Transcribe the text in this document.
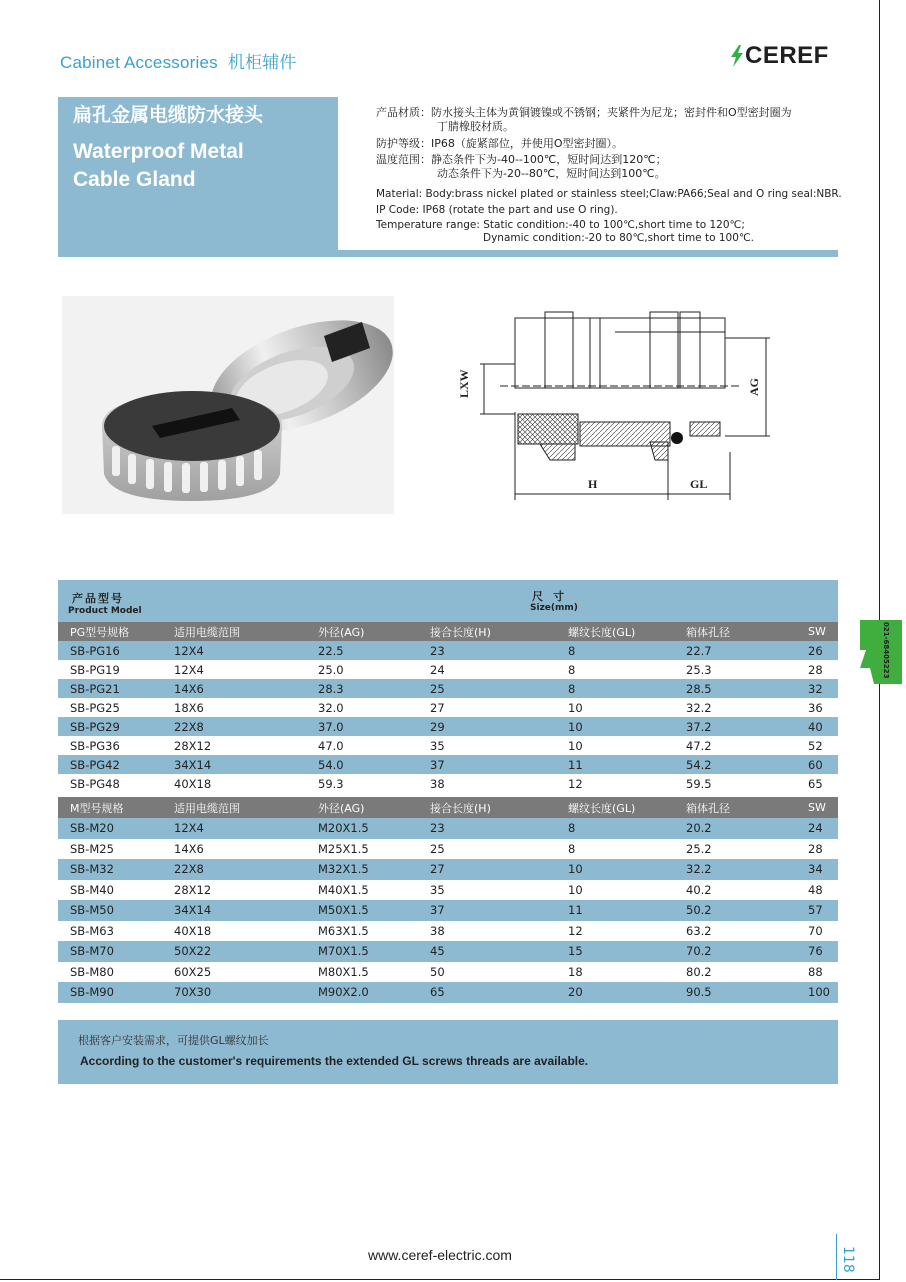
Cabinet Accessories 机柜辅件	CEREF
扁孔金属电缆防水接头
Waterproof Metal
Cable Gland
产品材质：防水接头主体为黄铜镀镍或不锈钢；夹紧件为尼龙；密封件和O型密封圈为
丁腈橡胶材质。
防护等级：IP68（旋紧部位，并使用O型密封圈）。
温度范围：静态条件下为-40--100℃，短时间达到120℃；
动态条件下为-20--80℃，短时间达到100℃。
Material: Body:brass nickel plated or stainless steel;Claw:PA66;Seal and O ring seal:NBR.
IP Code: IP68 (rotate the part and use O ring).
Temperature range: Static condition:-40 to 100℃,short time to 120℃;
Dynamic condition:-20 to 80℃,short time to 100℃.
LXW	AG
H	GL
产品型号
Product Model
尺寸
Size(mm)
PG型号规格	适用电缆范围	外径(AG)	接合长度(H)	螺纹长度(GL)	箱体孔径	SW
SB-PG16	12X4	22.5	23	8	22.7	26
SB-PG19	12X4	25.0	24	8	25.3	28
SB-PG21	14X6	28.3	25	8	28.5	32
SB-PG25	18X6	32.0	27	10	32.2	36
SB-PG29	22X8	37.0	29	10	37.2	40
SB-PG36	28X12	47.0	35	10	47.2	52
SB-PG42	34X14	54.0	37	11	54.2	60
SB-PG48	40X18	59.3	38	12	59.5	65
M型号规格	适用电缆范围	外径(AG)	接合长度(H)	螺纹长度(GL)	箱体孔径	SW
SB-M20	12X4	M20X1.5	23	8	20.2	24
SB-M25	14X6	M25X1.5	25	8	25.2	28
SB-M32	22X8	M32X1.5	27	10	32.2	34
SB-M40	28X12	M40X1.5	35	10	40.2	48
SB-M50	34X14	M50X1.5	37	11	50.2	57
SB-M63	40X18	M63X1.5	38	12	63.2	70
SB-M70	50X22	M70X1.5	45	15	70.2	76
SB-M80	60X25	M80X1.5	50	18	80.2	88
SB-M90	70X30	M90X2.0	65	20	90.5	100
根据客户安装需求，可提供GL螺纹加长
According to the customer's requirements the extended GL screws threads are available.
021-68405223
www.ceref-electric.com	118
